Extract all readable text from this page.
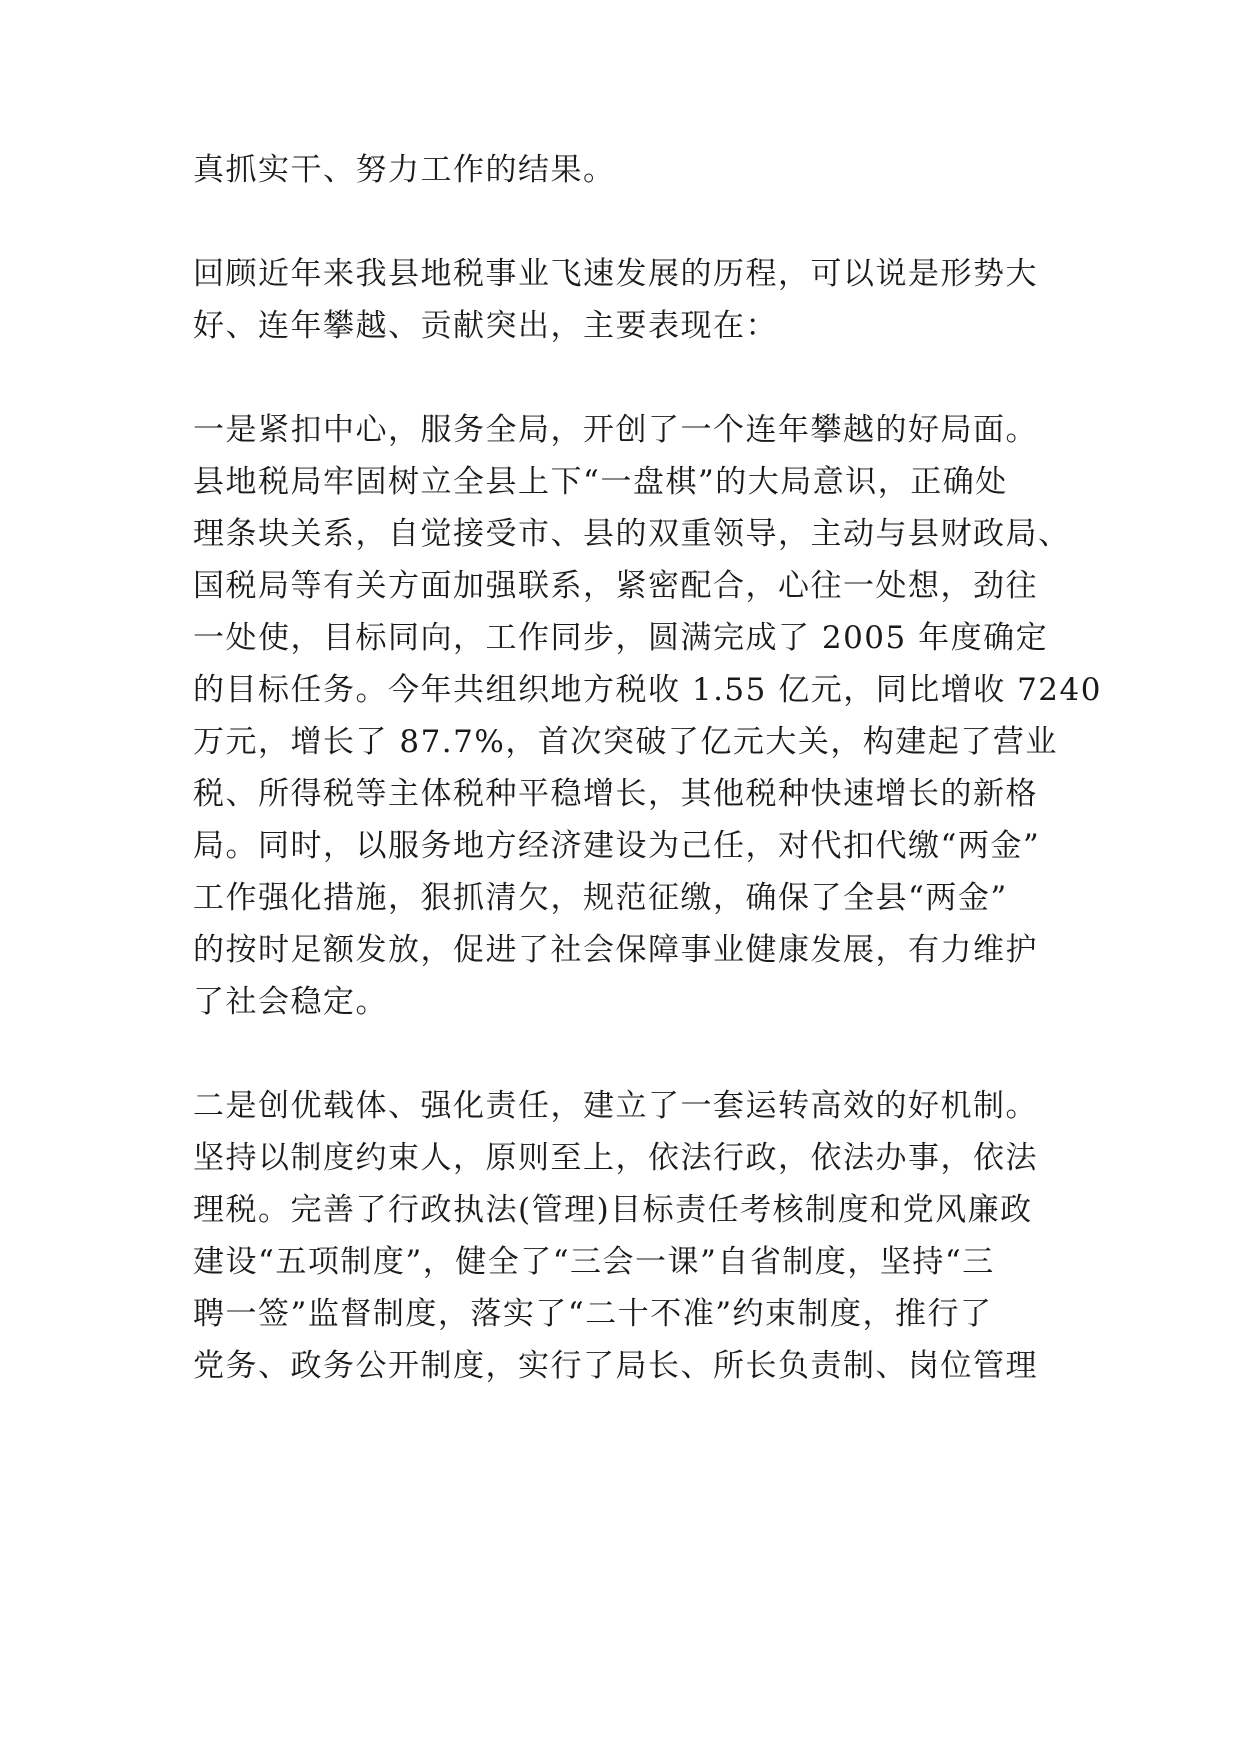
真抓实干、努力工作的结果。
回顾近年来我县地税事业飞速发展的历程，可以说是形势大
好、连年攀越、贡献突出，主要表现在：
一是紧扣中心，服务全局，开创了一个连年攀越的好局面。
县地税局牢固树立全县上下“一盘棋”的大局意识，正确处
理条块关系，自觉接受市、县的双重领导，主动与县财政局、
国税局等有关方面加强联系，紧密配合，心往一处想，劲往
一处使，目标同向，工作同步，圆满完成了 2005 年度确定
的目标任务。今年共组织地方税收 1.55 亿元，同比增收 7240
万元，增长了 87.7%，首次突破了亿元大关，构建起了营业
税、所得税等主体税种平稳增长，其他税种快速增长的新格
局。同时，以服务地方经济建设为己任，对代扣代缴“两金”
工作强化措施，狠抓清欠，规范征缴，确保了全县“两金”
的按时足额发放，促进了社会保障事业健康发展，有力维护
了社会稳定。
二是创优载体、强化责任，建立了一套运转高效的好机制。
坚持以制度约束人，原则至上，依法行政，依法办事，依法
理税。完善了行政执法(管理)目标责任考核制度和党风廉政
建设“五项制度”，健全了“三会一课”自省制度，坚持“三
聘一签”监督制度，落实了“二十不准”约束制度，推行了
党务、政务公开制度，实行了局长、所长负责制、岗位管理
